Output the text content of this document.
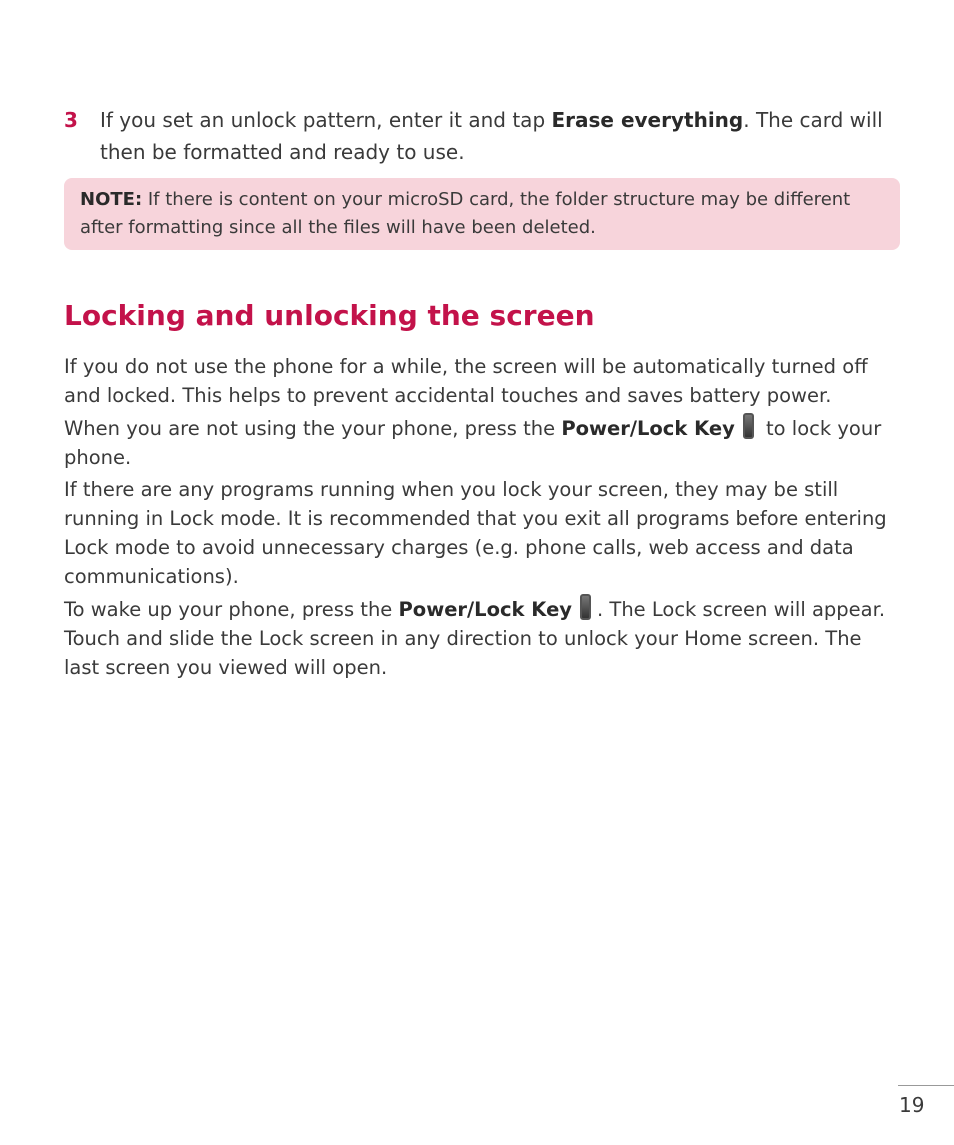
3 If you set an unlock pattern, enter it and tap Erase everything. The card will then be formatted and ready to use.
NOTE: If there is content on your microSD card, the folder structure may be different after formatting since all the files will have been deleted.
Locking and unlocking the screen

If you do not use the phone for a while, the screen will be automatically turned off and locked. This helps to prevent accidental touches and saves battery power.

When you are not using the your phone, press the Power/Lock Key to lock your phone.

If there are any programs running when you lock your screen, they may be still running in Lock mode. It is recommended that you exit all programs before entering Lock mode to avoid unnecessary charges (e.g. phone calls, web access and data communications).

To wake up your phone, press the Power/Lock Key . The Lock screen will appear. Touch and slide the Lock screen in any direction to unlock your Home screen. The last screen you viewed will open.

19
